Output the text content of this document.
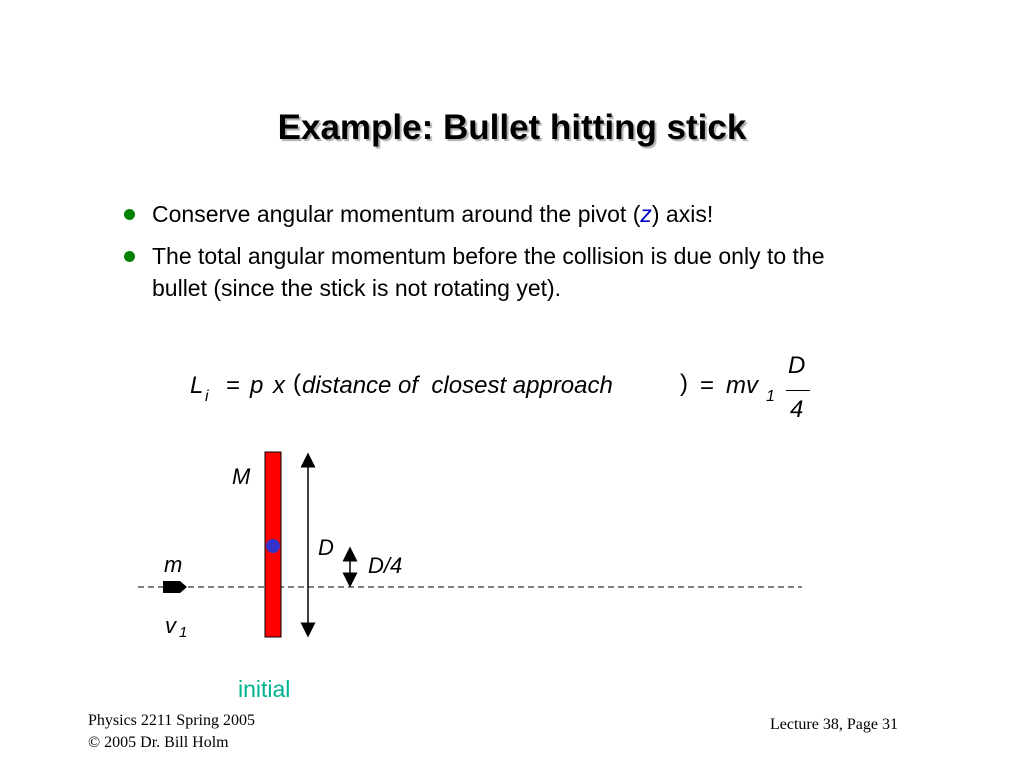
Example: Bullet hitting stick
Conserve angular momentum around the pivot (z) axis!
The total angular momentum before the collision is due only to the bullet (since the stick is not rotating yet).
L i = p x ( distance of  closest approach	) = mv 1
D
4
M
D
D/4
m
v 1
initial
Physics 2211 Spring 2005
© 2005 Dr. Bill Holm
Lecture 38, Page 31
